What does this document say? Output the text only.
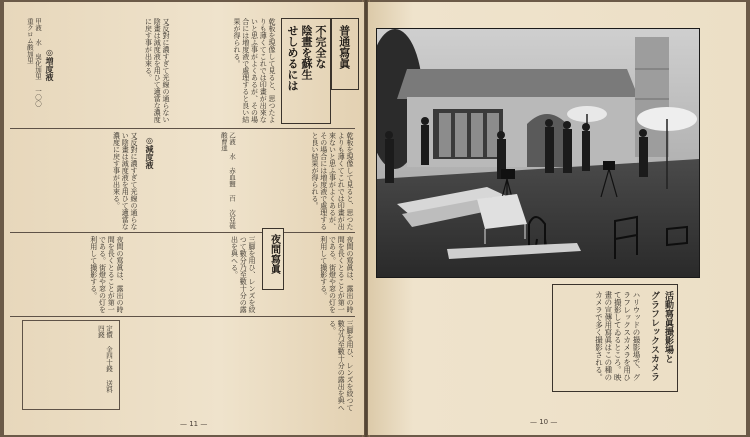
普通寫眞
不完全な
陰畫を蘇生
せしめるには
乾板を現像して見ると、思つたよりも薄くてこれでは印畫が出來ないと思ふ事がよくあるが、その場合には増度液で處理すると良い結果が得られる。
又反對に濃すぎて光線の通らない陰畫は減度液を用ひて適當な濃度に戻す事が出來る。
◎増度液
甲液 水 臭化加里 一〇〇 重クロム酸加里
乾板を現像して見ると、思つたよりも薄くてこれでは印畫が出來ないと思ふ事がよくあるが、その場合には増度液で處理すると良い結果が得られる。
◎減度液	乙液 水 赤血鹽 百 次亞硫酸曹達
又反對に濃すぎて光線の通らない陰畫は減度液を用ひて適當な濃度に戻す事が出來る。
夜間寫眞	夜間の寫眞は、露出の時間を長くとることが第一である。街燈や窓の灯を利用して撮影する。
三脚を用ひ、レンズを絞つて數分乃至數十分の露出を與へる。
夜間の寫眞は、露出の時間を長くとることが第一である。街燈や窓の灯を利用して撮影する。
三脚を用ひ、レンズを絞つて數分乃至數十分の露出を與へる。
定價 金四十錢 送料 四錢
— 11 —
活動寫眞撮影場と
グラフレックスカメラ
ハリウッドの撮影場で、グラフレックスカメラを用ひて撮影してゐるところ。映畫の宣傳用寫眞はこの種のカメラで多く撮影される。
— 10 —
